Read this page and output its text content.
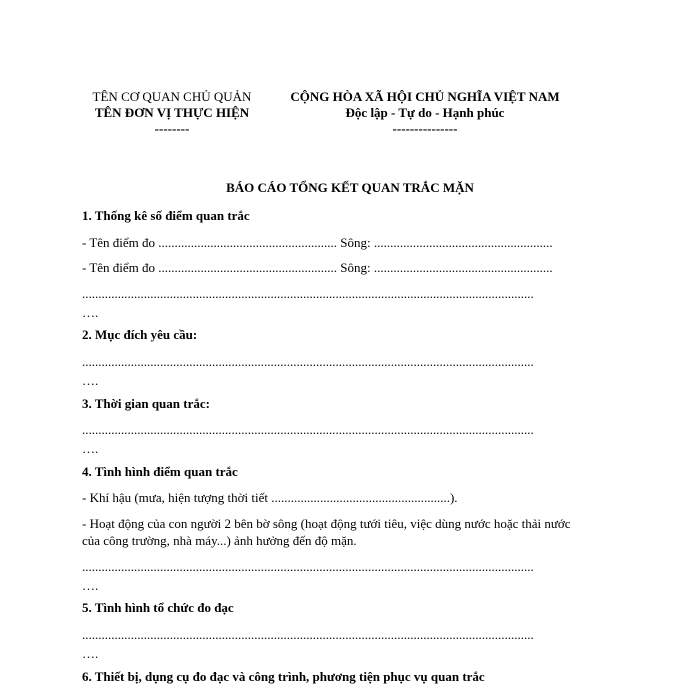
TÊN CƠ QUAN CHỦ QUẢN
TÊN ĐƠN VỊ THỰC HIỆN
--------
CỘNG HÒA XÃ HỘI CHỦ NGHĨA VIỆT NAM
Độc lập - Tự do - Hạnh phúc
---------------
BÁO CÁO TỔNG KẾT QUAN TRẮC MẶN
1. Thống kê số điểm quan trắc
- Tên điểm đo ....................................................... Sông: .......................................................
- Tên điểm đo ....................................................... Sông: .......................................................
...........................................................................................................................................
….
2. Mục đích yêu cầu:
...........................................................................................................................................
….
3. Thời gian quan trắc:
...........................................................................................................................................
….
4. Tình hình điểm quan trắc
- Khí hậu (mưa, hiện tượng thời tiết .......................................................).
- Hoạt động của con người 2 bên bờ sông (hoạt động tưới tiêu, việc dùng nước hoặc thải nước
của công trường, nhà máy...) ảnh hưởng đến độ mặn.
...........................................................................................................................................
….
5. Tình hình tổ chức đo đạc
...........................................................................................................................................
….
6. Thiết bị, dụng cụ đo đạc và công trình, phương tiện phục vụ quan trắc
